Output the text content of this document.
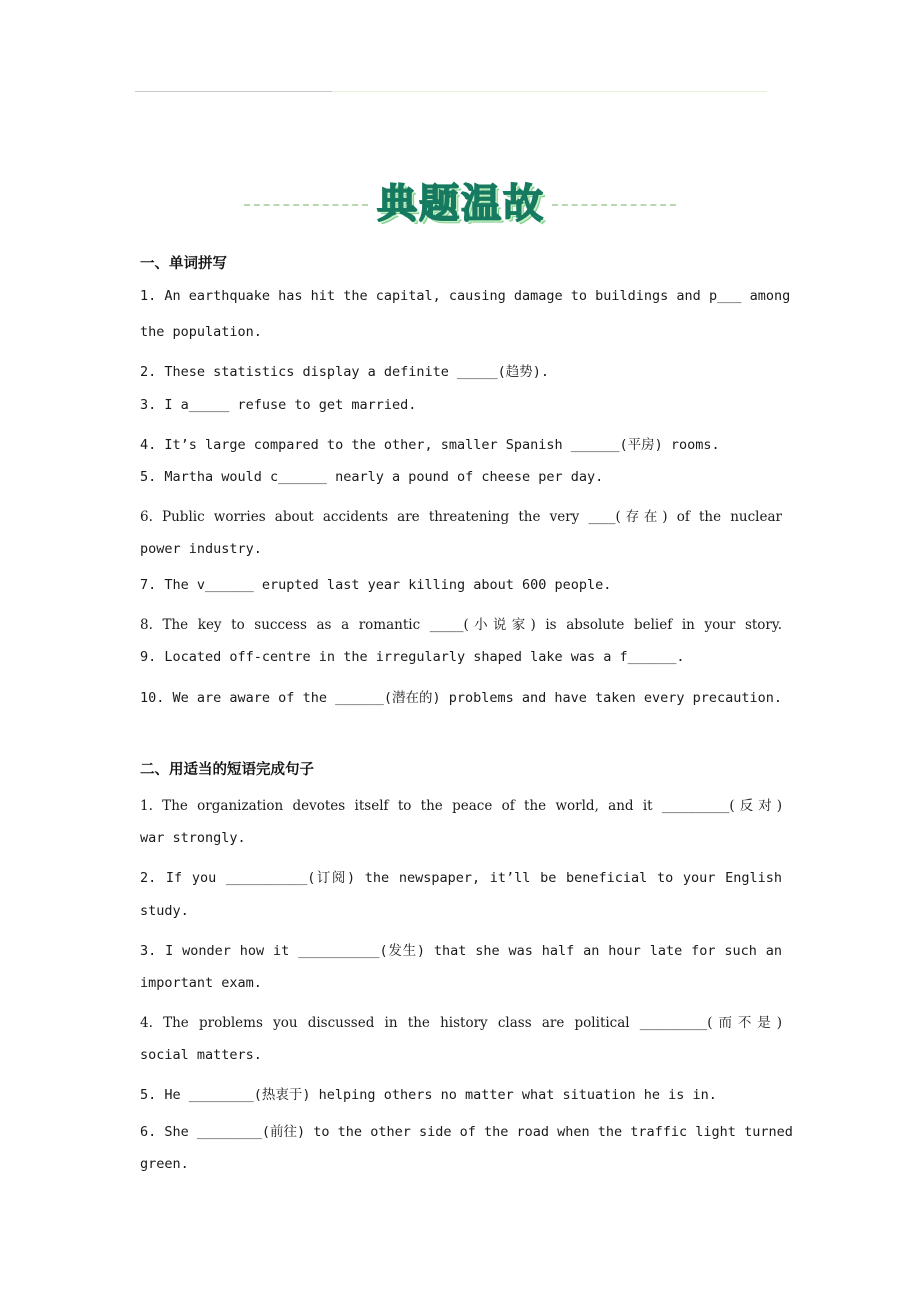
典题温故
一、单词拼写
1. An earthquake has hit the capital, causing damage to buildings and p___ among
the population.
2. These statistics display a definite _____(趋势).
3. I a_____ refuse to get married.
4. It’s large compared to the other, smaller Spanish ______(平房) rooms.
5. Martha would c______ nearly a pound of cheese per day.
6. Public worries about accidents are threatening the very ____(存在) of the nuclear
power industry.
7. The v______ erupted last year killing about 600 people.
8. The key to success as a romantic _____(小说家) is absolute belief in your story.
9. Located off-centre in the irregularly shaped lake was a f______.
10. We are aware of the ______(潜在的) problems and have taken every precaution.
二、用适当的短语完成句子
1. The organization devotes itself to the peace of the world, and it __________(反对)
war strongly.
2. If you __________(订阅) the newspaper, it’ll be beneficial to your English
study.
3. I wonder how it __________(发生) that she was half an hour late for such an
important exam.
4. The problems you discussed in the history class are political __________(而不是)
social matters.
5. He ________(热衷于) helping others no matter what situation he is in.
6. She ________(前往) to the other side of the road when the traffic light turned
green.
